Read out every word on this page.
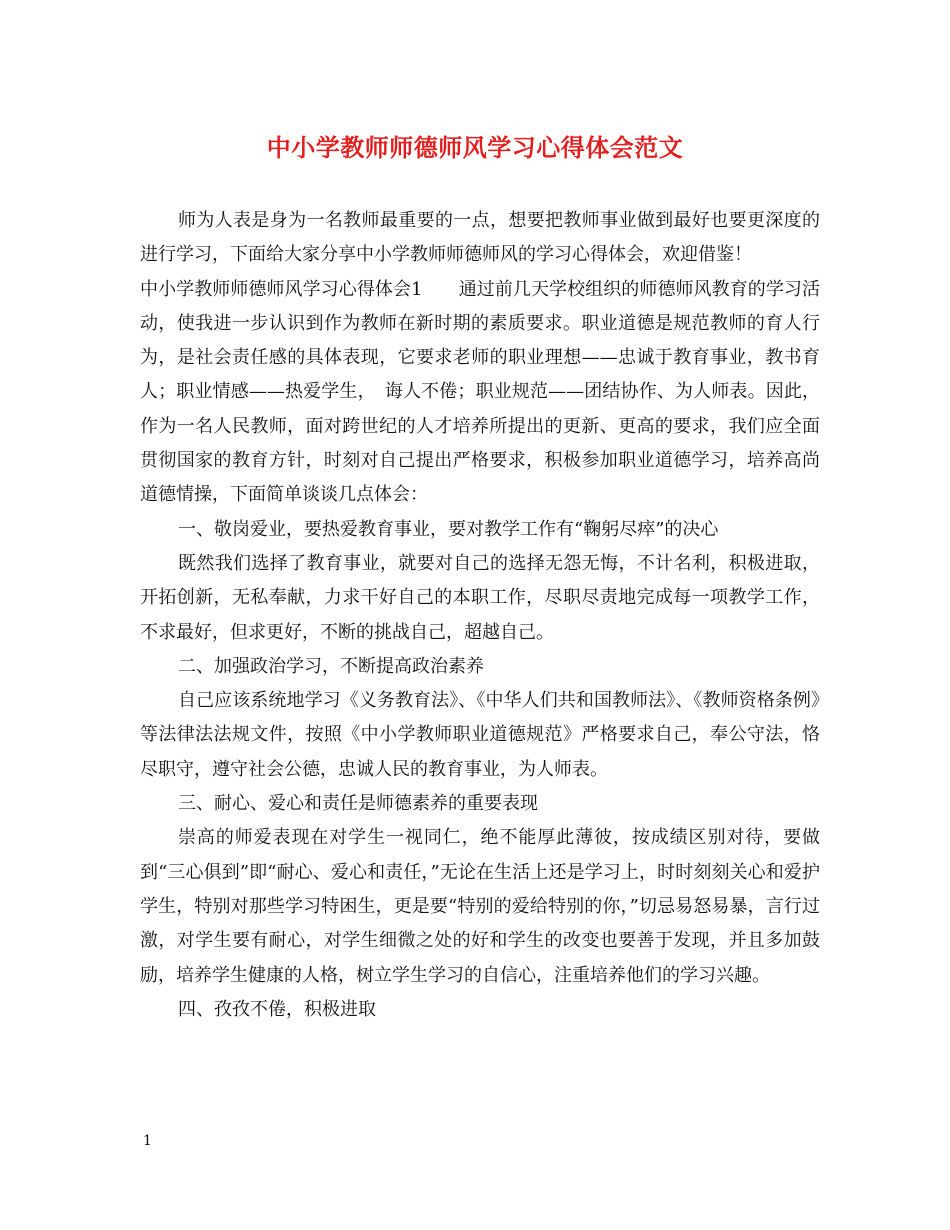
中小学教师师德师风学习心得体会范文

师为人表是身为一名教师最重要的一点，想要把教师事业做到最好也要更深度的进行学习，下面给大家分享中小学教师师德师风的学习心得体会，欢迎借鉴！

中小学教师师德师风学习心得体会1　　通过前几天学校组织的师德师风教育的学习活动，使我进一步认识到作为教师在新时期的素质要求。职业道德是规范教师的育人行为，是社会责任感的具体表现，它要求老师的职业理想——忠诚于教育事业，教书育人；职业情感——热爱学生，　诲人不倦；职业规范——团结协作、为人师表。因此，作为一名人民教师，面对跨世纪的人才培养所提出的更新、更高的要求，我们应全面贯彻国家的教育方针，时刻对自己提出严格要求，积极参加职业道德学习，培养高尚道德情操，下面简单谈谈几点体会：

一、敬岗爱业，要热爱教育事业，要对教学工作有“鞠躬尽瘁”的决心

既然我们选择了教育事业，就要对自己的选择无怨无悔，不计名利，积极进取，开拓创新，无私奉献，力求干好自己的本职工作，尽职尽责地完成每一项教学工作，不求最好，但求更好，不断的挑战自己，超越自己。

二、加强政治学习，不断提高政治素养

自己应该系统地学习《义务教育法》、《中华人们共和国教师法》、《教师资格条例》等法律法法规文件，按照《中小学教师职业道德规范》严格要求自己，奉公守法，恪尽职守，遵守社会公德，忠诚人民的教育事业，为人师表。

三、耐心、爱心和责任是师德素养的重要表现

崇高的师爱表现在对学生一视同仁，绝不能厚此薄彼，按成绩区别对待，要做到“三心俱到”即“耐心、爱心和责任，”无论在生活上还是学习上，时时刻刻关心和爱护学生，特别对那些学习特困生，更是要“特别的爱给特别的你，”切忌易怒易暴，言行过激，对学生要有耐心，对学生细微之处的好和学生的改变也要善于发现，并且多加鼓励，培养学生健康的人格，树立学生学习的自信心，注重培养他们的学习兴趣。

四、孜孜不倦，积极进取

1
